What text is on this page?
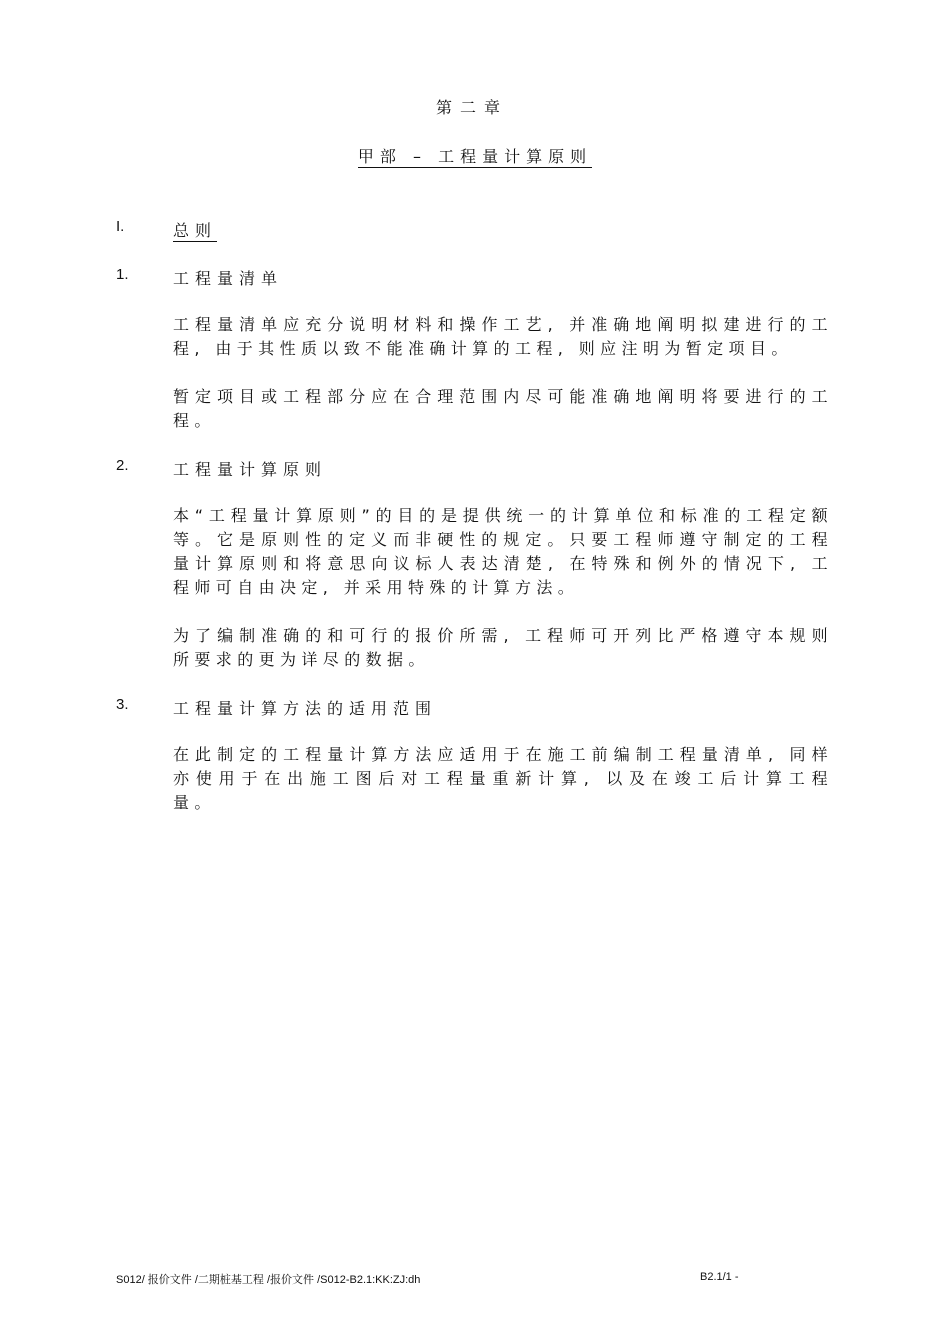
第二章
甲部 – 工程量计算原则
I.	总则
1.	工程量清单

工程量清单应充分说明材料和操作工艺, 并准确地阐明拟建进行的工程, 由于其性质以致不能准确计算的工程, 则应注明为暂定项目。

暂定项目或工程部分应在合理范围内尽可能准确地阐明将要进行的工程。

2.	工程量计算原则

本“工程量计算原则”的目的是提供统一的计算单位和标准的工程定额等。它是原则性的定义而非硬性的规定。只要工程师遵守制定的工程量计算原则和将意思向议标人表达清楚, 在特殊和例外的情况下, 工程师可自由决定, 并采用特殊的计算方法。

为了编制准确的和可行的报价所需, 工程师可开列比严格遵守本规则所要求的更为详尽的数据。

3.	工程量计算方法的适用范围

在此制定的工程量计算方法应适用于在施工前编制工程量清单, 同样亦使用于在出施工图后对工程量重新计算, 以及在竣工后计算工程量。

S012/ 报价文件 /二期桩基工程 /报价文件 /S012-B2.1:KK:ZJ:dh	B2.1/1 -
